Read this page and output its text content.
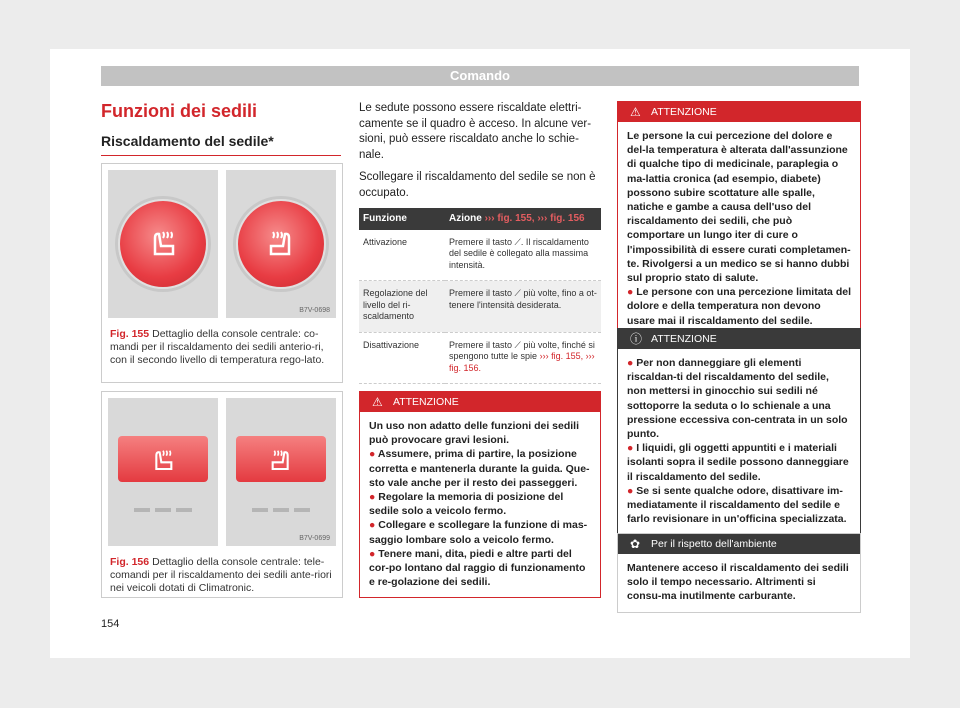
Comando
Funzioni dei sedili
Riscaldamento del sedile*
B7V-0698
Fig. 155 Dettaglio della console centrale: co-mandi per il riscaldamento dei sedili anterio-ri, con il secondo livello di temperatura rego-lato.
B7V-0699
Fig. 156 Dettaglio della console centrale: tele-comandi per il riscaldamento dei sedili ante-riori nei veicoli dotati di Climatronic.

Le sedute possono essere riscaldate elettri-camente se il quadro è acceso. In alcune ver-sioni, può essere riscaldato anche lo schie-nale.

Scollegare il riscaldamento del sedile se non è occupato.

Funzione	Azione ››› fig. 155, ››› fig. 156
Attivazione	Premere il tasto ⟋. Il riscaldamento del sedile è collegato alla massima intensità.
Regolazione del livello del ri-scaldamento	Premere il tasto ⟋ più volte, fino a ot-tenere l'intensità desiderata.
Disattivazione	Premere il tasto ⟋ più volte, finché si spengono tutte le spie ››› fig. 155, ››› fig. 156.
⚠ ATTENZIONE

Un uso non adatto delle funzioni dei sedili può provocare gravi lesioni.

● Assumere, prima di partire, la posizione corretta e mantenerla durante la guida. Que-sto vale anche per il resto dei passeggeri.

● Regolare la memoria di posizione del sedile solo a veicolo fermo.

● Collegare e scollegare la funzione di mas-saggio lombare solo a veicolo fermo.

● Tenere mani, dita, piedi e altre parti del cor-po lontano dal raggio di funzionamento e re-golazione dei sedili.

⚠ ATTENZIONE

Le persone la cui percezione del dolore e del-la temperatura è alterata dall'assunzione di qualche tipo di medicinale, paraplegia o ma-lattia cronica (ad esempio, diabete) possono subire scottature alle spalle, natiche e gambe a causa dell'uso del riscaldamento dei sedili, che può comportare un lungo iter di cure o l'impossibilità di essere curati completamen-te. Rivolgersi a un medico se si hanno dubbi sul proprio stato di salute.

● Le persone con una percezione limitata del dolore e della temperatura non devono usare mai il riscaldamento del sedile.

ⓘ ATTENZIONE

● Per non danneggiare gli elementi riscaldan-ti del riscaldamento del sedile, non mettersi in ginocchio sui sedili né sottoporre la seduta o lo schienale a una pressione eccessiva con-centrata in un solo punto.

● I liquidi, gli oggetti appuntiti e i materiali isolanti sopra il sedile possono danneggiare il riscaldamento del sedile.

● Se si sente qualche odore, disattivare im-mediatamente il riscaldamento del sedile e farlo revisionare in un'officina specializzata.

✿ Per il rispetto dell'ambiente
Mantenere acceso il riscaldamento dei sedili solo il tempo necessario. Altrimenti si consu-ma inutilmente carburante.
154
